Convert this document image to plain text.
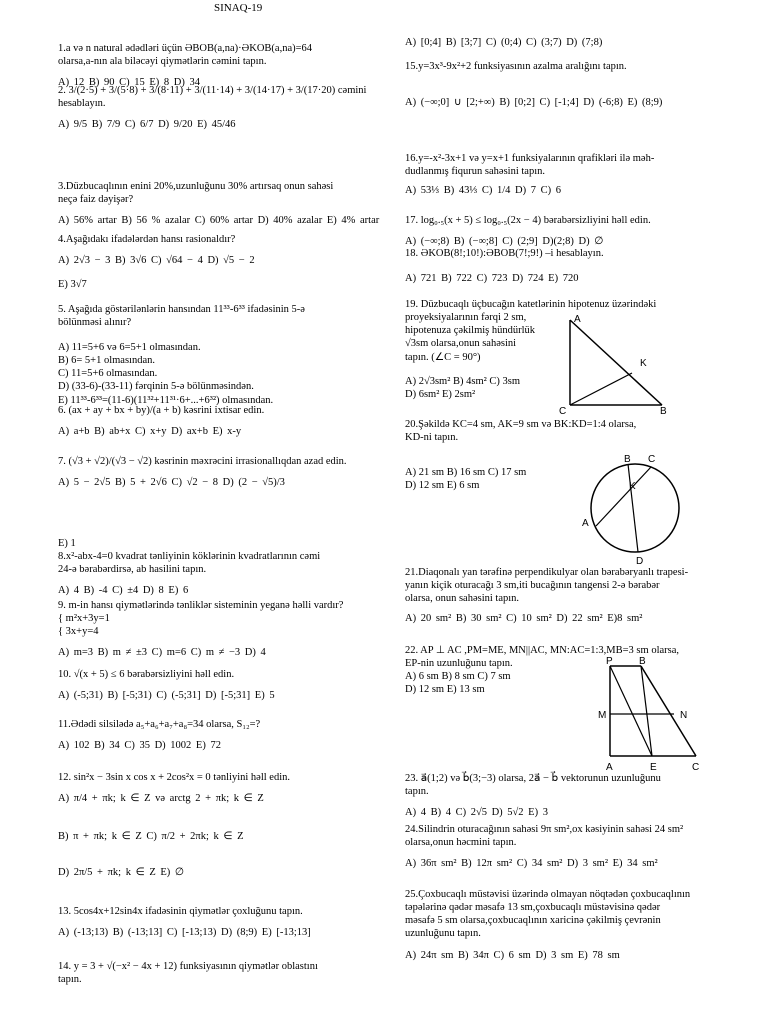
SINAQ-19
1.a və n natural ədədləri üçün ƏBOB(a,na)·ƏKOB(a,na)=64
olarsa,a-nın ala biləcəyi qiymətlərin cəmini tapın.
A) 12 B) 90 C) 15 E) 8 D) 34
2. 3/(2·5) + 3/(5·8) + 3/(8·11) + 3/(11·14) + 3/(14·17) + 3/(17·20) cəmini
hesablayın.
A) 9/5 B) 7/9 C) 6/7 D) 9/20 E) 45/46
3.Düzbucaqlının enini 20%,uzunluğunu 30% artırsaq onun sahəsi
neçə faiz dəyişər?
A) 56% artar B) 56 % azalar C) 60% artar D) 40% azalar E) 4% artar
4.Aşağıdakı ifadələrdən hansı rasionaldır?
A) 2√3 − 3 B) 3√6 C) √64 − 4 D) √5 − 2
E) 3√7
5. Aşağıda göstərilənlərin hansından 11³³-6³³ ifadəsinin 5-ə
bölünməsi alınır?
A) 11=5+6 və 6=5+1 olmasından.
B) 6= 5+1 olmasından.
C) 11=5+6 olmasından.
D) (33-6)-(33-11) fərqinin 5-ə bölünməsindən.
E) 11³³-6³³=(11-6)(11³²+11³¹·6+...+6³²) olmasından.
6. (ax + ay + bx + by)/(a + b) kəsrini ixtisar edin.
A) a+b B) ab+x C) x+y D) ax+b E) x-y
7. (√3 + √2)/(√3 − √2) kəsrinin məxrəcini irrasionallıqdan azad edin.
A) 5 − 2√5 B) 5 + 2√6 C) √2 − 8 D) (2 − √5)/3
E) 1
8.x²-abx-4=0 kvadrat tənliyinin köklərinin kvadratlarının cəmi
24-ə bərabərdirsə, ab hasilini tapın.
A) 4 B) -4 C) ±4 D) 8 E) 6
9. m-in hansı qiymətlərində tənliklər sisteminin yeganə həlli vardır?
{ m²x+3y=1
{ 3x+y=4
A) m=3 B) m ≠ ±3 C) m=6 C) m ≠ −3 D) 4
10. √(x + 5) ≤ 6 bərabərsizliyini həll edin.
A) (-5;31) B) [-5;31) C) (-5;31] D) [-5;31] E) 5
11.Ədədi silsilədə a₅+a₆+a₇+a₈=34 olarsa, S₁₂=?
A) 102 B) 34 C) 35 D) 1002 E) 72
12. sin²x − 3sin x cos x + 2cos²x = 0 tənliyini həll edin.
A) π/4 + πk; k ∈ Z və arctg 2 + πk; k ∈ Z
B) π + πk; k ∈ Z C) π/2 + 2πk; k ∈ Z
D) 2π/5 + πk; k ∈ Z E) ∅
13. 5cos4x+12sin4x ifadəsinin qiymətlər çoxluğunu tapın.
A) (-13;13) B) (-13;13] C) [-13;13) D) (8;9) E) [-13;13]
14. y = 3 + √(−x² − 4x + 12) funksiyasının qiymətlər oblastını
tapın.
A) [0;4] B) [3;7] C) (0;4) C) (3;7) D) (7;8)
15.y=3x³-9x²+2 funksiyasının azalma aralığını tapın.
A) (−∞;0] ∪ [2;+∞) B) [0;2] C) [-1;4] D) (-6;8) E) (8;9)
16.y=-x²-3x+1 və y=x+1 funksiyalarının qrafikləri ilə məh-
dudlanmış fiqurun sahəsini tapın.
A) 53⅓ B) 43⅓ C) 1/4 D) 7 C) 6
17. log₀.₅(x + 5) ≤ log₀.₅(2x − 4) bərabərsizliyini həll edin.
A) (−∞;8) B) (−∞;8] C) (2;9] D)(2;8) D) ∅
18. ƏKOB(8!;10!):ƏBOB(7!;9!) –i hesablayın.
A) 721 B) 722 C) 723 D) 724 E) 720
19. Düzbucaqlı üçbucağın katetlərinin hipotenuz üzərindəki
proyeksiyalarının fərqi 2 sm,
hipotenuza çəkilmiş hündürlük
√3sm olarsa,onun sahəsini
tapın. (∠C = 90°)
A) 2√3sm² B) 4sm² C) 3sm
D) 6sm² E) 2sm²
20.Şəkildə KC=4 sm, AK=9 sm və BK:KD=1:4 olarsa,
KD-ni tapın.
A) 21 sm B) 16 sm C) 17 sm
D) 12 sm E) 6 sm
21.Diaqonalı yan tərəfinə perpendikulyar olan bərabəryanlı trapesi-
yanın kiçik oturacağı 3 sm,iti bucağının tangensi 2-ə bərabər
olarsa, onun sahəsini tapın.
A) 20 sm² B) 30 sm² C) 10 sm² D) 22 sm² E)8 sm²
22. AP ⊥ AC ,PM=ME, MN||AC, MN:AC=1:3,MB=3 sm olarsa,
EP-nin uzunluğunu tapın.
A) 6 sm B) 8 sm C) 7 sm
D) 12 sm E) 13 sm
23. a⃗(1;2) və b⃗(3;−3) olarsa, 2a⃗ − b⃗ vektorunun uzunluğunu
tapın.
A) 4 B) 4 C) 2√5 D) 5√2 E) 3
24.Silindrin oturacağının sahəsi 9π sm²,ox kəsiyinin sahəsi 24 sm²
olarsa,onun həcmini tapın.
A) 36π sm² B) 12π sm² C) 34 sm² D) 3 sm² E) 34 sm²
25.Çoxbucaqlı müstəvisi üzərində olmayan nöqtədən çoxbucaqlının
təpələrinə qədər məsafə 13 sm,çoxbucaqlı müstəvisinə qədər
məsafə 5 sm olarsa,çoxbucaqlının xaricinə çəkilmiş çevrənin
uzunluğunu tapın.
A) 24π sm B) 34π C) 6 sm D) 3 sm E) 78 sm
A
K
C	B
B C
K
A
D
P	B
M	N
A	E	C
